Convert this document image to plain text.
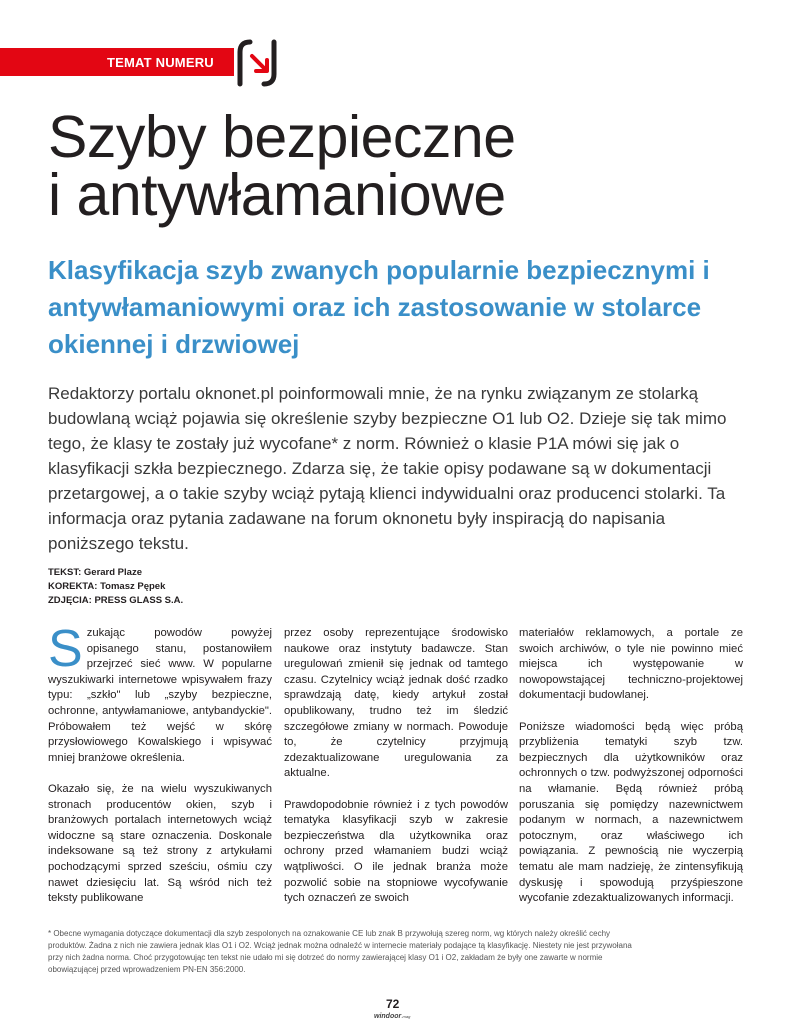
TEMAT NUMERU
Szyby bezpieczne
i antywłamaniowe
Klasyfikacja szyb zwanych popularnie bezpiecznymi i antywłamaniowymi oraz ich zastosowanie w stolarce okiennej i drzwiowej

Redaktorzy portalu oknonet.pl poinformowali mnie, że na rynku związanym ze stolarką budowlaną wciąż pojawia się określenie szyby bezpieczne O1 lub O2. Dzieje się tak mimo tego, że klasy te zostały już wycofane* z norm. Również o klasie P1A mówi się jak o klasyfikacji szkła bezpiecznego. Zdarza się, że takie opisy podawane są w dokumentacji przetargowej, a o takie szyby wciąż pytają klienci indywidualni oraz producenci stolarki. Ta informacja oraz pytania zadawane na forum oknonetu były inspiracją do napisania poniższego tekstu.

TEKST: Gerard Plaze
KOREKTA: Tomasz Pępek
ZDJĘCIA: PRESS GLASS S.A.

Szukając powodów powyżej opisanego stanu, postanowiłem przejrzeć sieć www. W popularne wyszukiwarki internetowe wpisywałem frazy typu: „szkło" lub „szyby bezpieczne, ochronne, antywłamaniowe, antybandyckie". Próbowałem też wejść w skórę przysłowiowego Kowalskiego i wpisywać mniej branżowe określenia.

Okazało się, że na wielu wyszukiwanych stronach producentów okien, szyb i branżowych portalach internetowych wciąż widoczne są stare oznaczenia. Doskonale indeksowane są też strony z artykułami pochodzącymi sprzed sześciu, ośmiu czy nawet dziesięciu lat. Są wśród nich też teksty publikowane

przez osoby reprezentujące środowisko naukowe oraz instytuty badawcze. Stan uregulowań zmienił się jednak od tamtego czasu. Czytelnicy wciąż jednak dość rzadko sprawdzają datę, kiedy artykuł został opublikowany, trudno też im śledzić szczegółowe zmiany w normach. Powoduje to, że czytelnicy przyjmują zdezaktualizowane uregulowania za aktualne.

Prawdopodobnie również i z tych powodów tematyka klasyfikacji szyb w zakresie bezpieczeństwa dla użytkownika oraz ochrony przed włamaniem budzi wciąż wątpliwości. O ile jednak branża może pozwolić sobie na stopniowe wycofywanie tych oznaczeń ze swoich

materiałów reklamowych, a portale ze swoich archiwów, o tyle nie powinno mieć miejsca ich występowanie w nowopowstającej techniczno-projektowej dokumentacji budowlanej.

Poniższe wiadomości będą więc próbą przybliżenia tematyki szyb tzw. bezpiecznych dla użytkowników oraz ochronnych o tzw. podwyższonej odporności na włamanie. Będą również próbą poruszania się pomiędzy nazewnictwem podanym w normach, a nazewnictwem potocznym, oraz właściwego ich powiązania. Z pewnością nie wyczerpią tematu ale mam nadzieję, że zintensyfikują dyskusję i spowodują przyśpieszone wycofanie zdezaktualizowanych informacji.

* Obecne wymagania dotyczące dokumentacji dla szyb zespolonych na oznakowanie CE lub znak B przywołują szereg norm, wg których należy określić cechy produktów. Żadna z nich nie zawiera jednak klas O1 i O2. Wciąż jednak można odnaleźć w internecie materiały podające tą klasyfikację. Niestety nie jest przywołana przy nich żadna norma. Choć przygotowując ten tekst nie udało mi się dotrzeć do normy zawierającej klasy O1 i O2, zakładam że były one zawarte w normie obowiązującej przed wprowadzeniem PN-EN 356:2000.
72
windoor-mag
